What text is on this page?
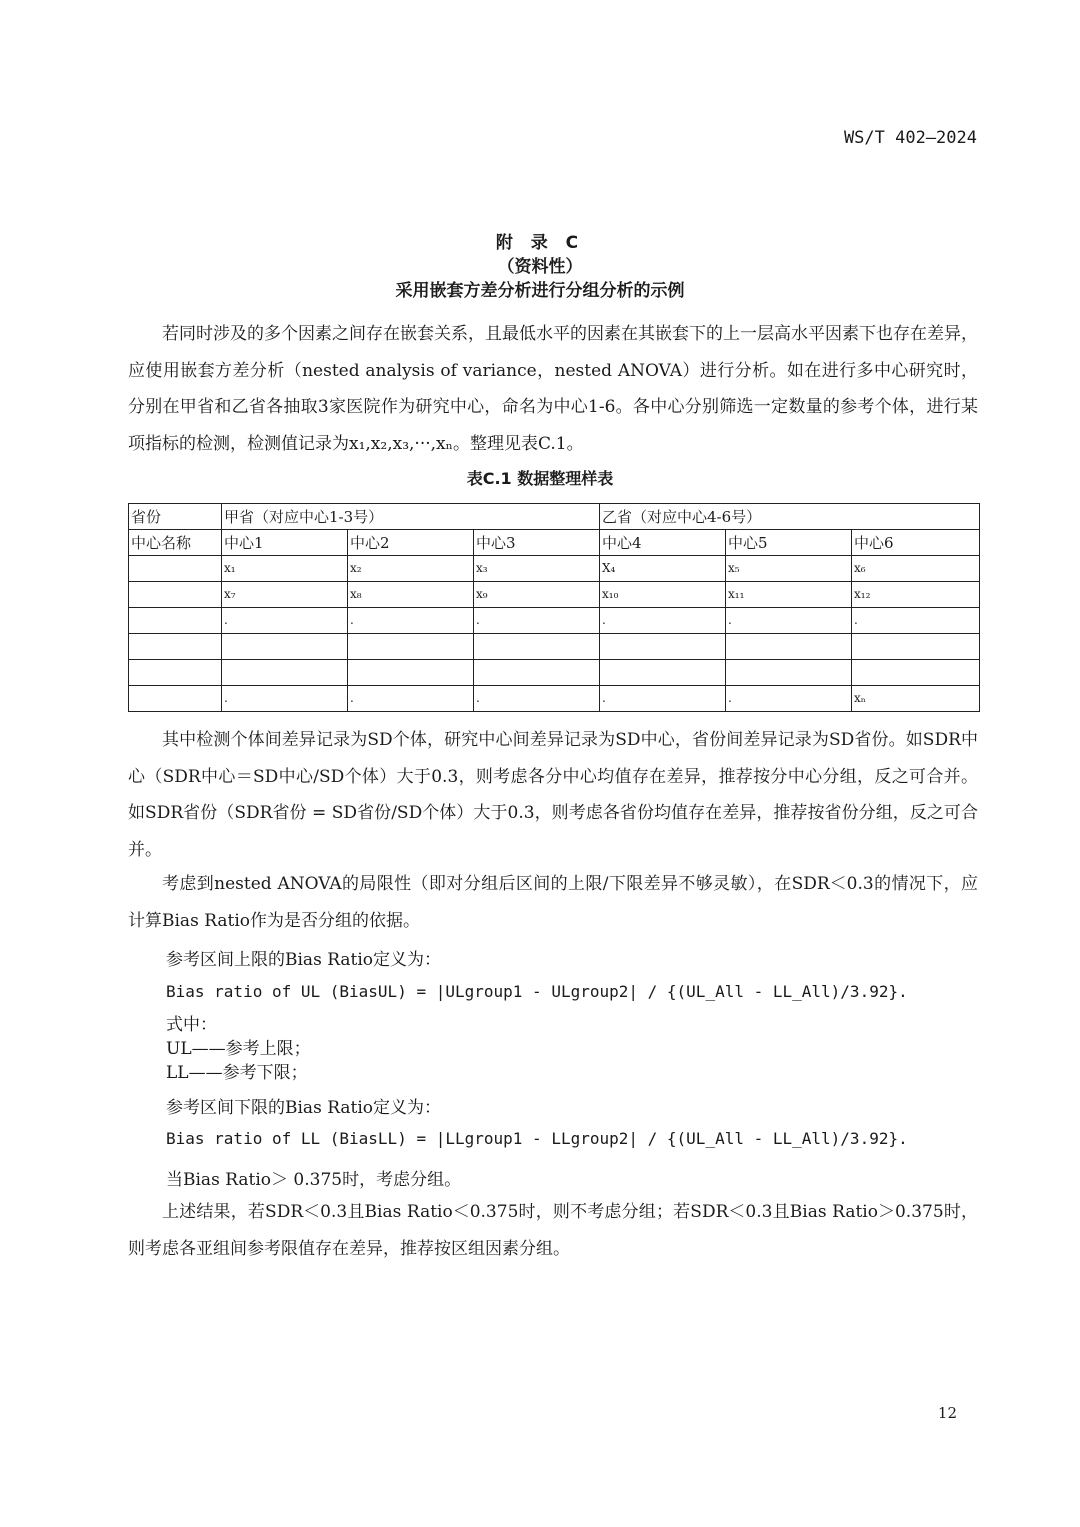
WS/T 402—2024
附 录 C
（资料性）
采用嵌套方差分析进行分组分析的示例

若同时涉及的多个因素之间存在嵌套关系，且最低水平的因素在其嵌套下的上一层高水平因素下也存在差异，应使用嵌套方差分析（nested analysis of variance，nested ANOVA）进行分析。如在进行多中心研究时，分别在甲省和乙省各抽取3家医院作为研究中心，命名为中心1-6。各中心分别筛选一定数量的参考个体，进行某项指标的检测，检测值记录为x₁,x₂,x₃,···,xₙ。整理见表C.1。

表C.1 数据整理样表
省份	甲省（对应中心1-3号）			乙省（对应中心4-6号）		
中心名称	中心1	中心2	中心3	中心4	中心5	中心6
	x₁	x₂	x₃	X₄	x₅	x₆
	x₇	x₈	x₉	x₁₀	x₁₁	x₁₂
	.	.	.	.	.	.

	.	.	.	.	.	xₙ

其中检测个体间差异记录为SD个体，研究中心间差异记录为SD中心，省份间差异记录为SD省份。如SDR中心（SDR中心＝SD中心/SD个体）大于0.3，则考虑各分中心均值存在差异，推荐按分中心分组，反之可合并。如SDR省份（SDR省份 = SD省份/SD个体）大于0.3，则考虑各省份均值存在差异，推荐按省份分组，反之可合并。

考虑到nested ANOVA的局限性（即对分组后区间的上限/下限差异不够灵敏），在SDR＜0.3的情况下，应计算Bias Ratio作为是否分组的依据。

参考区间上限的Bias Ratio定义为：

Bias ratio of UL (BiasUL) = |ULgroup1 - ULgroup2| / {(UL_All - LL_All)/3.92}.

式中：

UL——参考上限；

LL——参考下限；

参考区间下限的Bias Ratio定义为：

Bias ratio of LL (BiasLL) = |LLgroup1 - LLgroup2| / {(UL_All - LL_All)/3.92}.

当Bias Ratio＞ 0.375时，考虑分组。

上述结果，若SDR＜0.3且Bias Ratio＜0.375时，则不考虑分组；若SDR＜0.3且Bias Ratio＞0.375时，则考虑各亚组间参考限值存在差异，推荐按区组因素分组。

12
